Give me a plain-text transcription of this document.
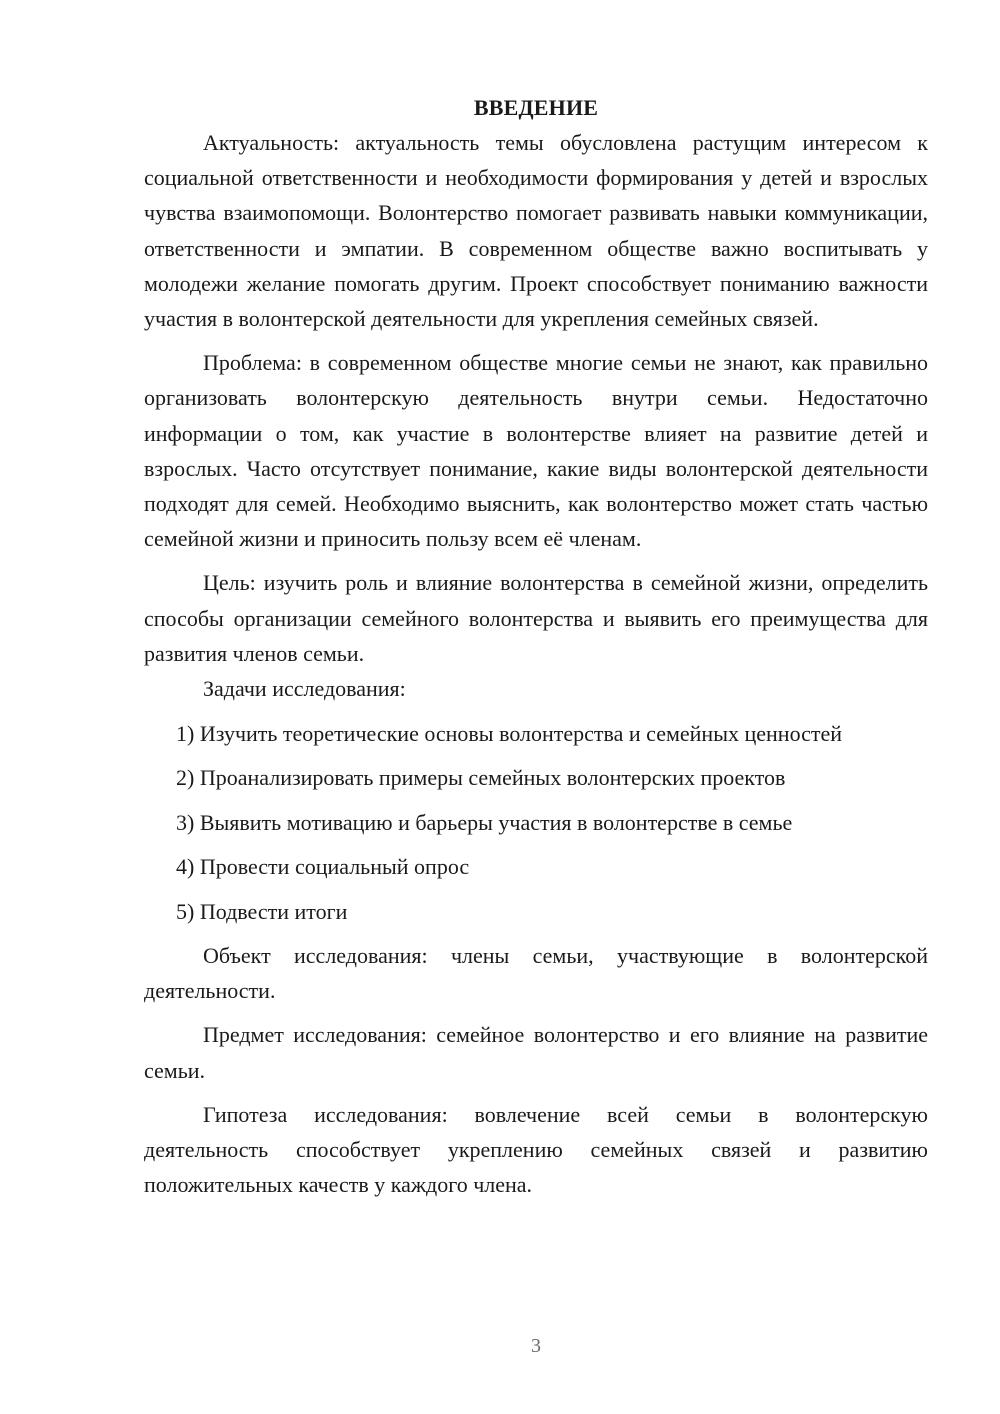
ВВЕДЕНИЕ

Актуальность: актуальность темы обусловлена растущим интересом к социальной ответственности и необходимости формирования у детей и взрослых чувства взаимопомощи. Волонтерство помогает развивать навыки коммуникации, ответственности и эмпатии. В современном обществе важно воспитывать у молодежи желание помогать другим. Проект способствует пониманию важности участия в волонтерской деятельности для укрепления семейных связей.

Проблема: в современном обществе многие семьи не знают, как правильно организовать волонтерскую деятельность внутри семьи. Недостаточно информации о том, как участие в волонтерстве влияет на развитие детей и взрослых. Часто отсутствует понимание, какие виды волонтерской деятельности подходят для семей. Необходимо выяснить, как волонтерство может стать частью семейной жизни и приносить пользу всем её членам.

Цель: изучить роль и влияние волонтерства в семейной жизни, определить способы организации семейного волонтерства и выявить его преимущества для развития членов семьи.

Задачи исследования:

1) Изучить теоретические основы волонтерства и семейных ценностей
2) Проанализировать примеры семейных волонтерских проектов
3) Выявить мотивацию и барьеры участия в волонтерстве в семье
4) Провести социальный опрос
5) Подвести итоги

Объект исследования: члены семьи, участвующие в волонтерской деятельности.

Предмет исследования: семейное волонтерство и его влияние на развитие семьи.

Гипотеза исследования: вовлечение всей семьи в волонтерскую деятельность способствует укреплению семейных связей и развитию положительных качеств у каждого члена.

3
